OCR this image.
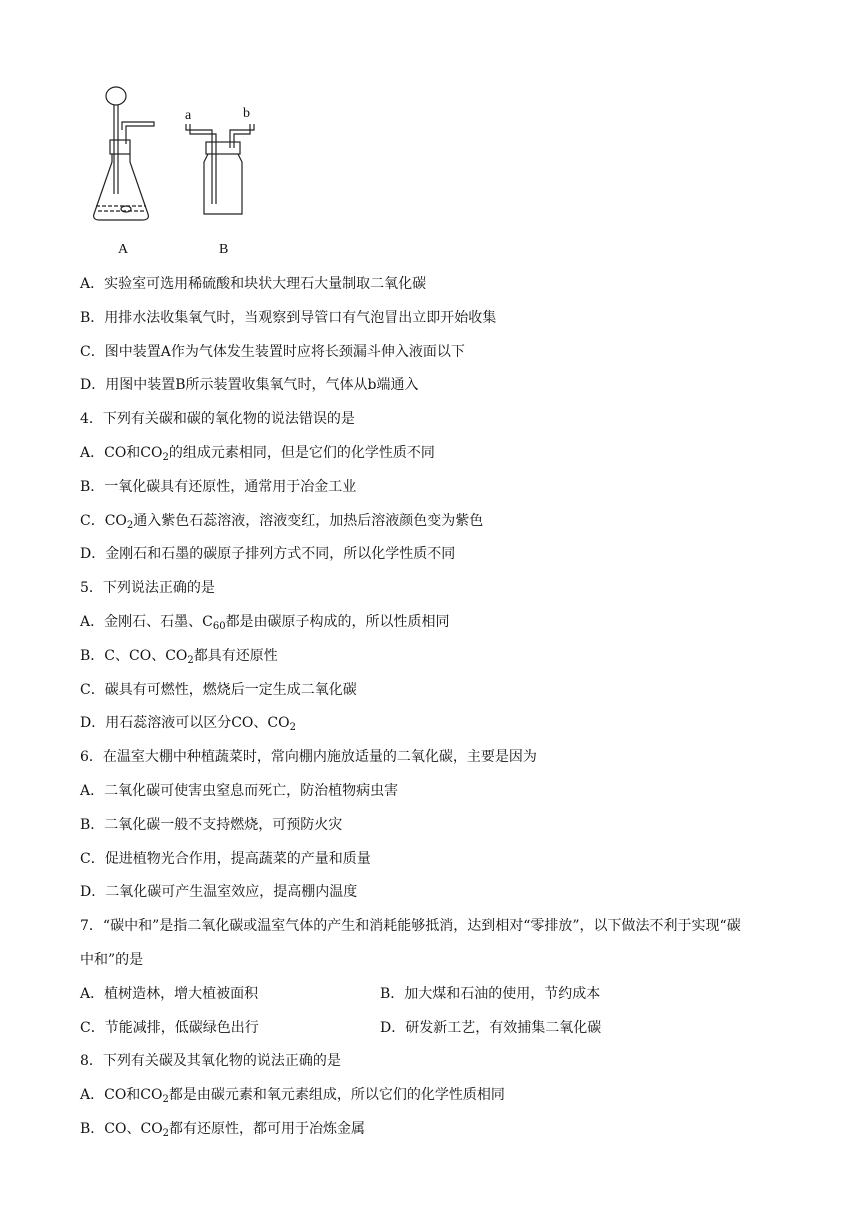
a	b
A	B
A．实验室可选用稀硫酸和块状大理石大量制取二氧化碳
B．用排水法收集氧气时，当观察到导管口有气泡冒出立即开始收集
C．图中装置A作为气体发生装置时应将长颈漏斗伸入液面以下
D．用图中装置B所示装置收集氧气时，气体从b端通入
4．下列有关碳和碳的氧化物的说法错误的是
A．CO和$CO_2$的组成元素相同，但是它们的化学性质不同
B．一氧化碳具有还原性，通常用于冶金工业
C．$CO_2$通入紫色石蕊溶液，溶液变红，加热后溶液颜色变为紫色
D．金刚石和石墨的碳原子排列方式不同，所以化学性质不同
5．下列说法正确的是
A．金刚石、石墨、$C_{60}$都是由碳原子构成的，所以性质相同
B．C、CO、$CO_2$都具有还原性
C．碳具有可燃性，燃烧后一定生成二氧化碳
D．用石蕊溶液可以区分CO、$CO_2$
6．在温室大棚中种植蔬菜时，常向棚内施放适量的二氧化碳，主要是因为
A．二氧化碳可使害虫窒息而死亡，防治植物病虫害
B．二氧化碳一般不支持燃烧，可预防火灾
C．促进植物光合作用，提高蔬菜的产量和质量
D．二氧化碳可产生温室效应，提高棚内温度
7．“碳中和”是指二氧化碳或温室气体的产生和消耗能够抵消，达到相对“零排放”，以下做法不利于实现“碳
中和”的是
A．植树造林，增大植被面积	B．加大煤和石油的使用，节约成本
C．节能减排，低碳绿色出行	D．研发新工艺，有效捕集二氧化碳
8．下列有关碳及其氧化物的说法正确的是
A．CO和$CO_2$都是由碳元素和氧元素组成，所以它们的化学性质相同
B．CO、$CO_2$都有还原性，都可用于冶炼金属
